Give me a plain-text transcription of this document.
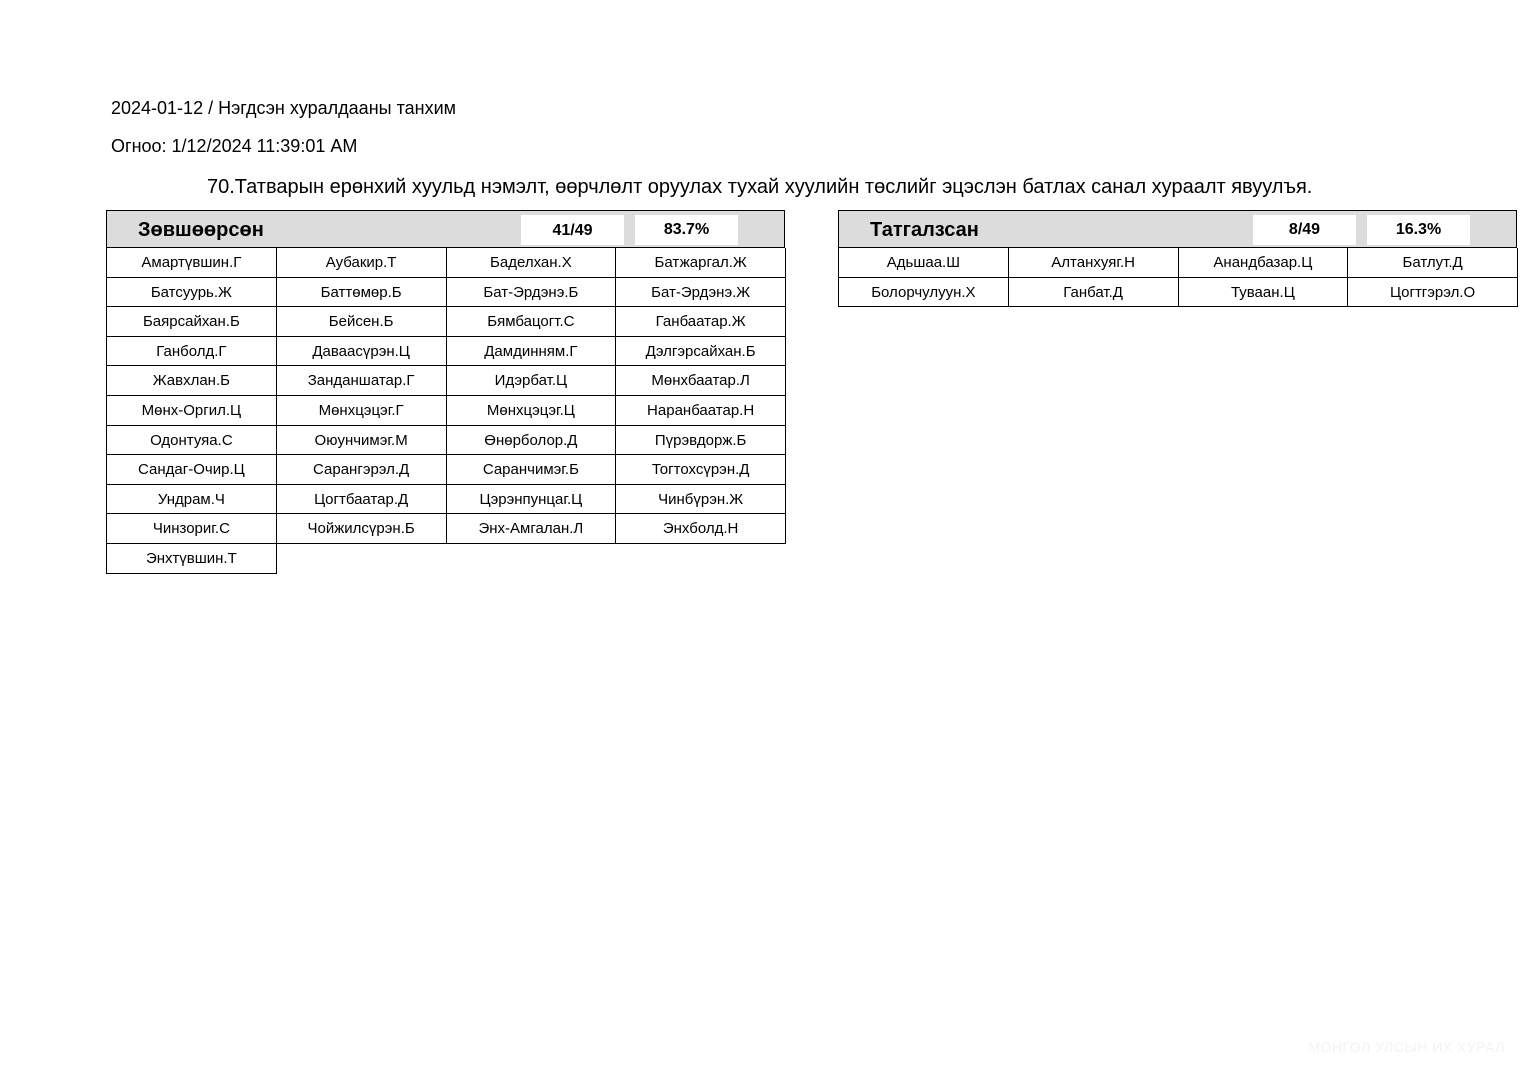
2024-01-12 / Нэгдсэн хуралдааны танхим
Огноо: 1/12/2024 11:39:01 AM
70.Татварын ерөнхий хуульд нэмэлт, өөрчлөлт оруулах тухай хуулийн төслийг эцэслэн батлах санал хураалт явуулъя.
Зөвшөөрсөн	41/49	83.7%
Амартүвшин.Г	Аубакир.Т	Баделхан.Х	Батжаргал.Ж
Батсуурь.Ж	Баттөмөр.Б	Бат-Эрдэнэ.Б	Бат-Эрдэнэ.Ж
Баярсайхан.Б	Бейсен.Б	Бямбацогт.С	Ганбаатар.Ж
Ганболд.Г	Даваасүрэн.Ц	Дамдинням.Г	Дэлгэрсайхан.Б
Жавхлан.Б	Занданшатар.Г	Идэрбат.Ц	Мөнхбаатар.Л
Мөнх-Оргил.Ц	Мөнхцэцэг.Г	Мөнхцэцэг.Ц	Наранбаатар.Н
Одонтуяа.С	Оюунчимэг.М	Өнөрболор.Д	Пүрэвдорж.Б
Сандаг-Очир.Ц	Сарангэрэл.Д	Саранчимэг.Б	Тогтохсүрэн.Д
Ундрам.Ч	Цогтбаатар.Д	Цэрэнпунцаг.Ц	Чинбүрэн.Ж
Чинзориг.С	Чойжилсүрэн.Б	Энх-Амгалан.Л	Энхболд.Н
Энхтүвшин.Т
Татгалзсан	8/49	16.3%
Адьшаа.Ш	Алтанхуяг.Н	Анандбазар.Ц	Батлут.Д
Болорчулуун.Х	Ганбат.Д	Туваан.Ц	Цогтгэрэл.О
МОНГОЛ УЛСЫН ИХ ХУРАЛ
